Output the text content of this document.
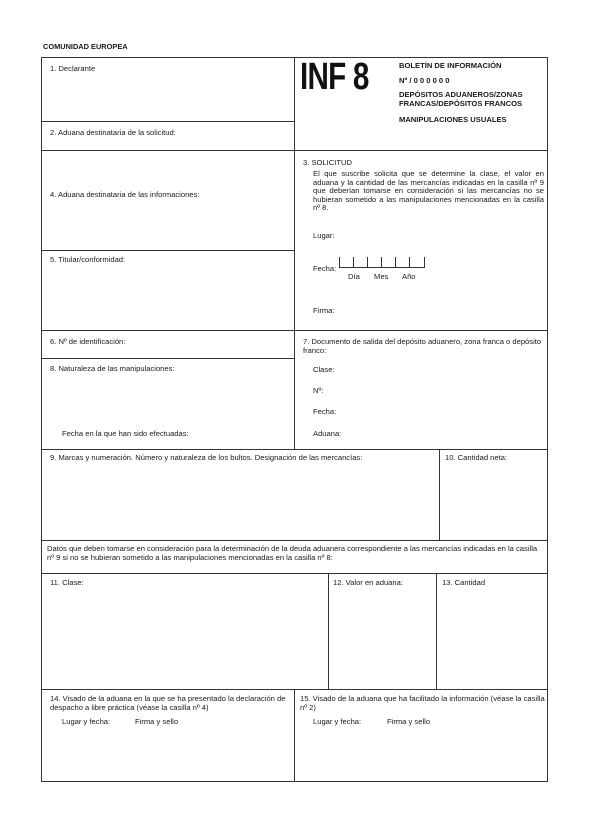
COMUNIDAD EUROPEA
INF 8	BOLETÍN DE INFORMACIÓN
Nº / 0 0 0 0 0 0
DEPÓSITOS ADUANEROS/ZONAS FRANCAS/DEPÓSITOS FRANCOS
MANIPULACIONES USUALES
1. Declarante
2. Aduana destinataria de la solicitud:
3. SOLICITUD
El que suscribe solicita que se determine la clase, el valor en aduana y la cantidad de las mercancías indicadas en la casilla nº 9 que deberían tomarse en consideración si las mercancías no se hubieran sometido a las manipulaciones mencionadas en la casilla nº 8.
Lugar:
Fecha:
Día Mes Año
Firma:
4. Aduana destinataria de las informaciones:
5. Titular/conformidad:
6. Nº de identificación:	7. Documento de salida del depósito aduanero, zona franca o depósito franco:
Clase:
Nº:
Fecha:
Aduana:
8. Naturaleza de las manipulaciones:
Fecha en la que han sido efectuadas:
9. Marcas y numeración. Número y naturaleza de los bultos. Designación de las mercancías:	10. Cantidad neta:
Datos que deben tomarse en consideración para la determinación de la deuda aduanera correspondiente a las mercancías indicadas en la casilla nº 9 si no se hubieran sometido a las manipulaciones mencionadas en la casilla nº 8:
11. Clase:	12. Valor en aduana:	13. Cantidad
14. Visado de la aduana en la que se ha presentado la declaración de despacho a libre práctica (véase la casilla nº 4)
Lugar y fecha:	Firma y sello
15. Visado de la aduana que ha facilitado la información (véase la casilla nº 2)
Lugar y fecha:	Firma y sello
